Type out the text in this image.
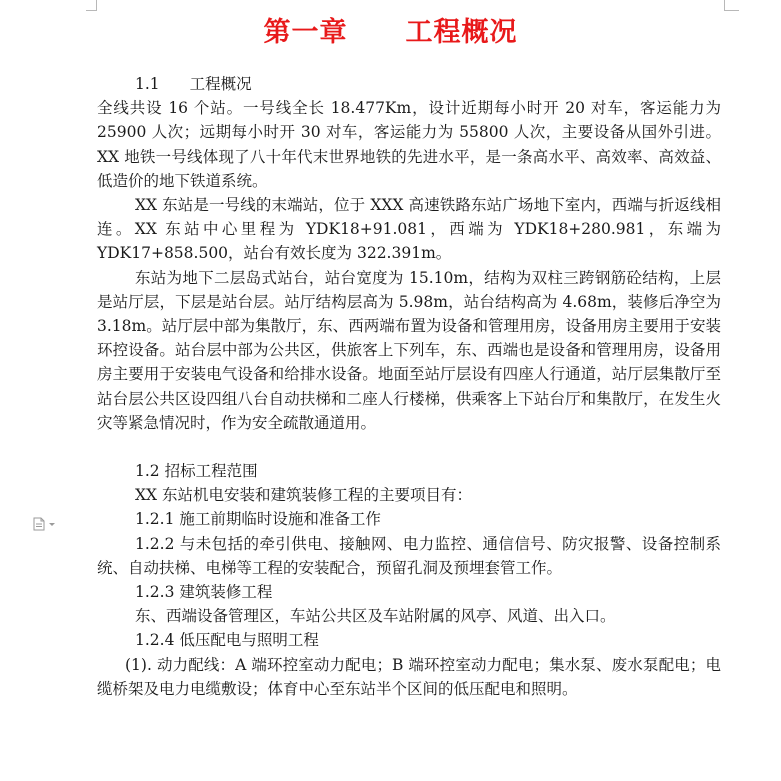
第一章 工程概况

1.1 工程概况

全线共设 16 个站。一号线全长 18.477Km，设计近期每小时开 20 对车，客运能力为 25900 人次；远期每小时开 30 对车，客运能力为 55800 人次，主要设备从国外引进。XX 地铁一号线体现了八十年代末世界地铁的先进水平，是一条高水平、高效率、高效益、低造价的地下铁道系统。

XX 东站是一号线的末端站，位于 XXX 高速铁路东站广场地下室内，西端与折返线相连。XX 东站中心里程为 YDK18+91.081，西端为 YDK18+280.981，东端为 YDK17+858.500，站台有效长度为 322.391m。

东站为地下二层岛式站台，站台宽度为 15.10m，结构为双柱三跨钢筋砼结构，上层是站厅层，下层是站台层。站厅结构层高为 5.98m，站台结构高为 4.68m，装修后净空为 3.18m。站厅层中部为集散厅，东、西两端布置为设备和管理用房，设备用房主要用于安装环控设备。站台层中部为公共区，供旅客上下列车，东、西端也是设备和管理用房，设备用房主要用于安装电气设备和给排水设备。地面至站厅层设有四座人行通道，站厅层集散厅至站台层公共区设四组八台自动扶梯和二座人行楼梯，供乘客上下站台厅和集散厅，在发生火灾等紧急情况时，作为安全疏散通道用。

1.2 招标工程范围

XX 东站机电安装和建筑装修工程的主要项目有：

1.2.1 施工前期临时设施和准备工作

1.2.2 与未包括的牵引供电、接触网、电力监控、通信信号、防灾报警、设备控制系统、自动扶梯、电梯等工程的安装配合，预留孔洞及预埋套管工作。

1.2.3 建筑装修工程

东、西端设备管理区，车站公共区及车站附属的风亭、风道、出入口。

1.2.4 低压配电与照明工程

(1). 动力配线：A 端环控室动力配电；B 端环控室动力配电；集水泵、废水泵配电；电缆桥架及电力电缆敷设；体育中心至东站半个区间的低压配电和照明。
